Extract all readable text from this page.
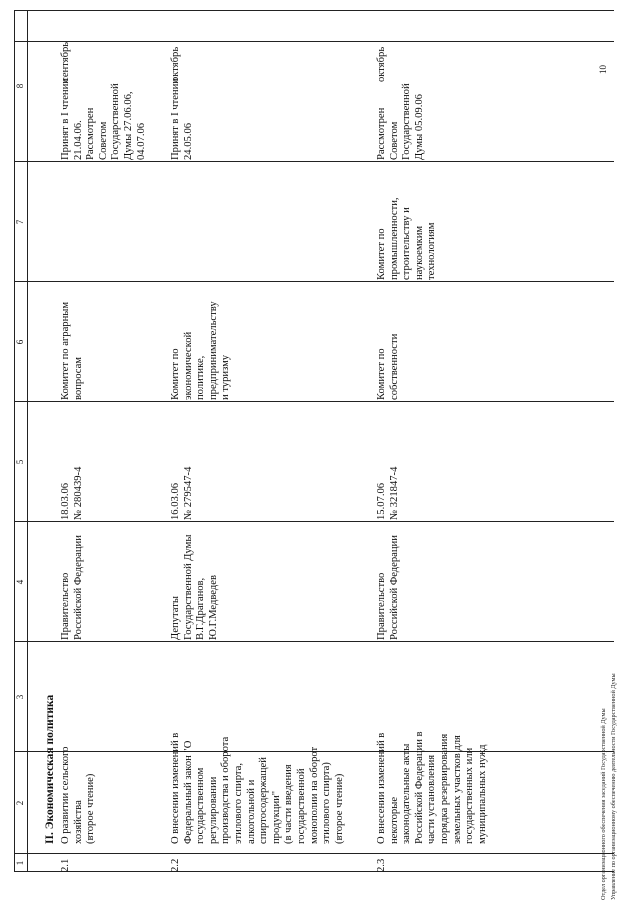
1
2
3
4
5
6
7
8
II. Экономическая политика
2.1
О развитии сельского
хозяйства
(второе чтение)
Правительство
Российской Федерации
18.03.06
№ 280439-4
Комитет по аграрным
вопросам
Принят в I чтении
21.04.06.
Рассмотрен
Советом
Государственной
Думы 27.06.06,
04.07.06
сентябрь
2.2
О внесении изменений в
Федеральный закон "О
государственном
регулировании
производства и оборота
этилового спирта,
алкогольной и
спиртосодержащей
продукции"
(в части введения
государственной
монополии на оборот
этилового спирта)
(второе чтение)
Депутаты
Государственной Думы
В.Г.Драганов,
Ю.Г.Медведев
16.03.06
№ 279547-4
Комитет по
экономической
политике,
предпринимательству
и туризму
Принят в I чтении
24.05.06
октябрь
2.3
О внесении изменений в
некоторые
законодательные акты
Российской Федерации в
части установления
порядка резервирования
земельных участков для
государственных или
муниципальных нужд
Правительство
Российской Федерации
15.07.06
№ 321847-4
Комитет по
собственности
Комитет по
промышленности,
строительству и
наукоемким
технологиям
Рассмотрен
Советом
Государственной
Думы 05.09.06
октябрь
Отдел организационного обеспечения заседаний Государственной Думы Управление по организационному обеспечению деятельности Государственной Думы
10
